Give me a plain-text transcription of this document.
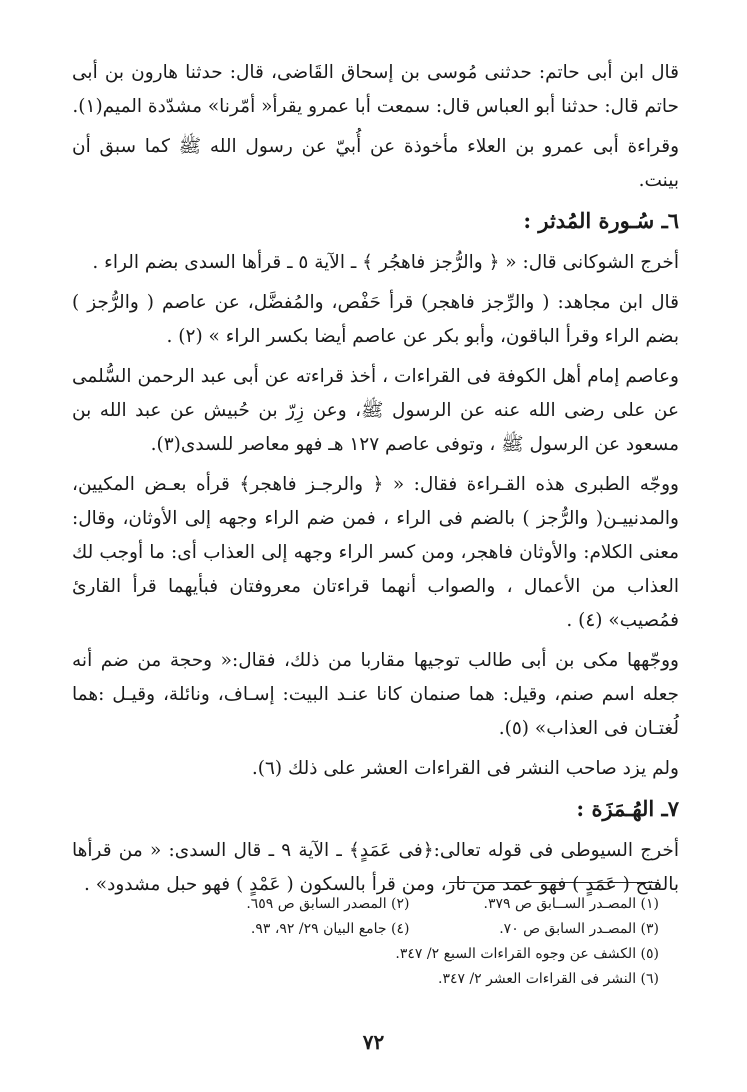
قال ابن أبى حاتم: حدثنى مُوسى بن إسحاق القَاضى، قال: حدثنا هارون بن أبى حاتم قال: حدثنا أبو العباس قال: سمعت أبا عمرو يقرأ« أمّرنا» مشدّدة الميم(١).

وقراءة أبى عمرو بن العلاء مأخوذة عن أُبيّ عن رسول الله ﷺ كما سبق أن بينت.

٦ـ سُـورة المُدثر :

أخرج الشوكانى قال: « ﴿ والرُّجز فاهجُر ﴾ ـ الآية ٥ ـ قرأها السدى بضم الراء .

قال ابن مجاهد: ( والرِّجز فاهجر) قرأ حَفْص، والمُفضَّل، عن عاصم ( والرُّجز ) بضم الراء وقرأ الباقون، وأبو بكر عن عاصم أيضا بكسر الراء » (٢) .

وعاصم إمام أهل الكوفة فى القراءات ، أخذ قراءته عن أبى عبد الرحمن السُّلمى عن على رضى الله عنه عن الرسول ﷺ، وعن زِرّ بن حُبيش عن عبد الله بن مسعود عن الرسول ﷺ ، وتوفى عاصم ١٢٧ هـ فهو معاصر للسدى(٣).

ووجّه الطبرى هذه القـراءة فقال: « ﴿ والرجـز فاهجر﴾ قرأه بعـض المكيين، والمدنييـن( والرُّجز ) بالضم فى الراء ، فمن ضم الراء وجهه إلى الأوثان، وقال: معنى الكلام: والأوثان فاهجر، ومن كسر الراء وجهه إلى العذاب أى: ما أوجب لك العذاب من الأعمال ، والصواب أنهما قراءتان معروفتان فبأيهما قرأ القارئ فمُصيب» (٤) .

ووجّهها مكى بن أبى طالب توجيها مقاربا من ذلك، فقال:« وحجة من ضم أنه جعله اسم صنم، وقيل: هما صنمان كانا عنـد البيت: إسـاف، ونائلة، وقيـل :هما لُغتـان فى العذاب» (٥).

ولم يزد صاحب النشر فى القراءات العشر على ذلك (٦).

٧ـ الهُـمَزَة :

أخرج السيوطى فى قوله تعالى:﴿فى عَمَدٍ﴾ ـ الآية ٩ ـ قال السدى: « من قرأها بالفتح ( عَمَدٍ ) فهو عمد من نار، ومن قرأ بالسكون ( عَمْدٍ ) فهو حبل مشدود» .

(١) المصـدر الســابق ص ٣٧٩.
(٢) المصدر السابق ص ٦٥٩.
(٣) المصـدر السابق ص ٧٠.
(٤) جامع البيان ٢٩/ ٩٢، ٩٣.
(٥) الكشف عن وجوه القراءات السبع ٢/ ٣٤٧.
(٦) النشر فى القراءات العشر ٢/ ٣٤٧.
٧٢
